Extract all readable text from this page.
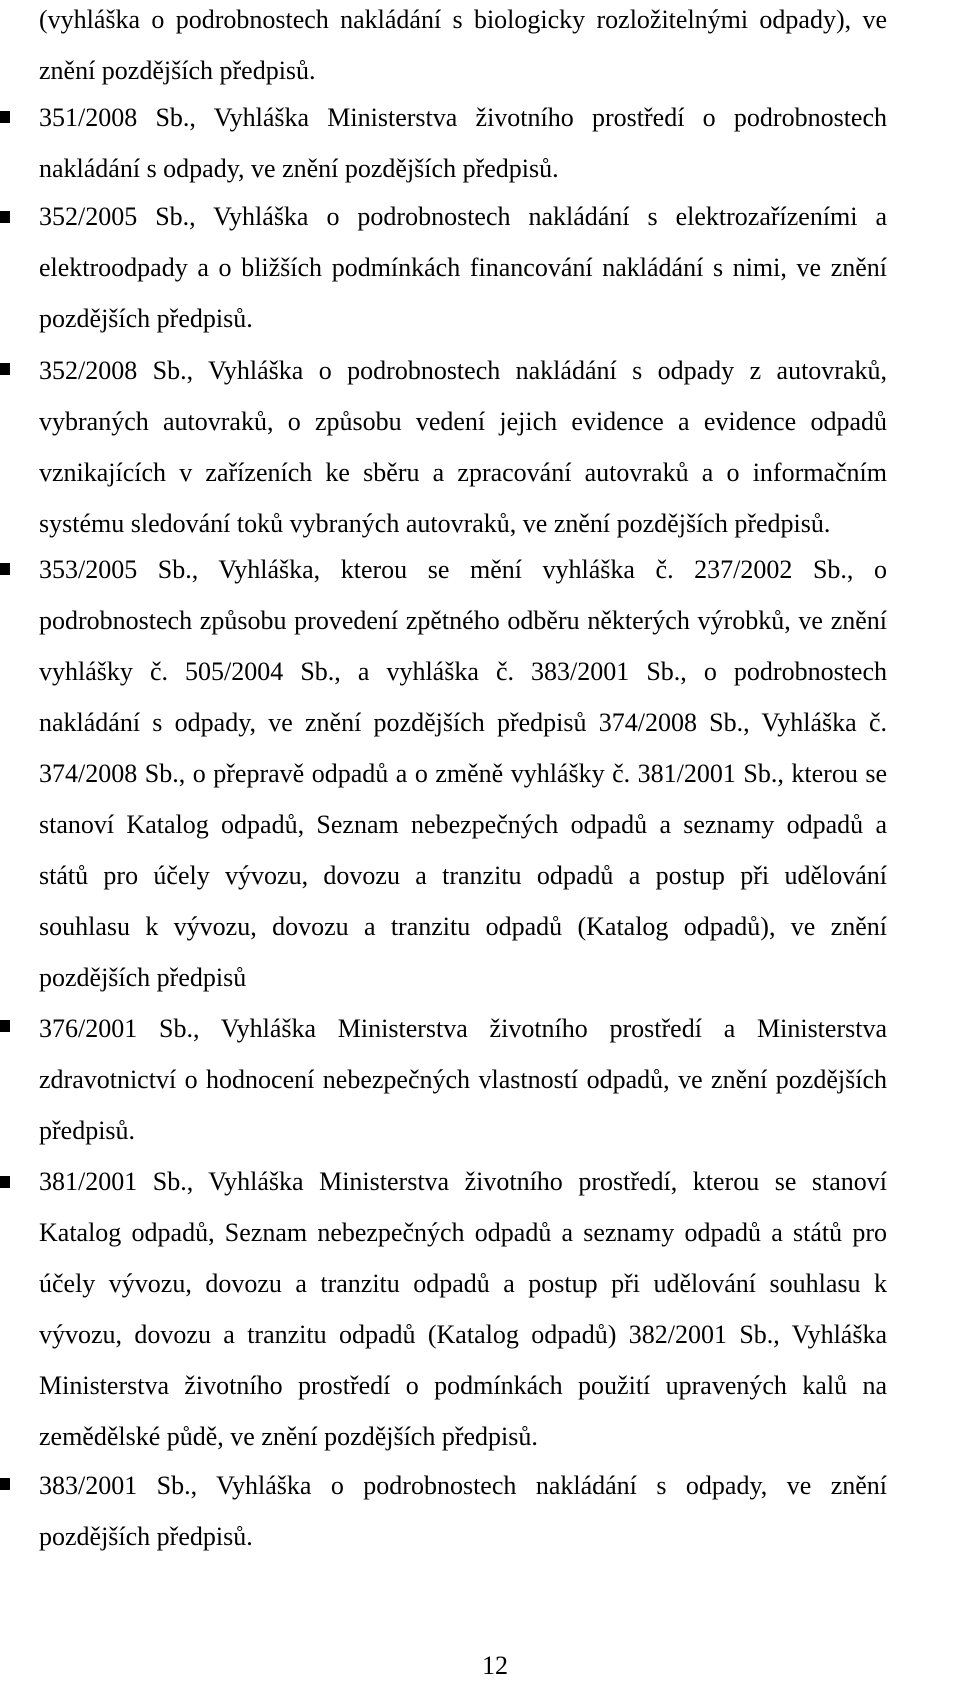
(vyhláška o podrobnostech nakládání s biologicky rozložitelnými odpady), ve znění pozdějších předpisů.

351/2008 Sb., Vyhláška Ministerstva životního prostředí o podrobnostech nakládání s odpady, ve znění pozdějších předpisů.

352/2005 Sb., Vyhláška o podrobnostech nakládání s elektrozařízeními a elektroodpady a o bližších podmínkách financování nakládání s nimi, ve znění pozdějších předpisů.

352/2008 Sb., Vyhláška o podrobnostech nakládání s odpady z autovraků, vybraných autovraků, o způsobu vedení jejich evidence a evidence odpadů vznikajících v zařízeních ke sběru a zpracování autovraků a o informačním systému sledování toků vybraných autovraků, ve znění pozdějších předpisů.

353/2005 Sb., Vyhláška, kterou se mění vyhláška č. 237/2002 Sb., o podrobnostech způsobu provedení zpětného odběru některých výrobků, ve znění vyhlášky č. 505/2004 Sb., a vyhláška č. 383/2001 Sb., o podrobnostech nakládání s odpady, ve znění pozdějších předpisů 374/2008 Sb., Vyhláška č. 374/2008 Sb., o přepravě odpadů a o změně vyhlášky č. 381/2001 Sb., kterou se stanoví Katalog odpadů, Seznam nebezpečných odpadů a seznamy odpadů a států pro účely vývozu, dovozu a tranzitu odpadů a postup při udělování souhlasu k vývozu, dovozu a tranzitu odpadů (Katalog odpadů), ve znění pozdějších předpisů

376/2001 Sb., Vyhláška Ministerstva životního prostředí a Ministerstva zdravotnictví o hodnocení nebezpečných vlastností odpadů, ve znění pozdějších předpisů.

381/2001 Sb., Vyhláška Ministerstva životního prostředí, kterou se stanoví Katalog odpadů, Seznam nebezpečných odpadů a seznamy odpadů a států pro účely vývozu, dovozu a tranzitu odpadů a postup při udělování souhlasu k vývozu, dovozu a tranzitu odpadů (Katalog odpadů) 382/2001 Sb., Vyhláška Ministerstva životního prostředí o podmínkách použití upravených kalů na zemědělské půdě, ve znění pozdějších předpisů.

383/2001 Sb., Vyhláška o podrobnostech nakládání s odpady, ve znění pozdějších předpisů.

12
